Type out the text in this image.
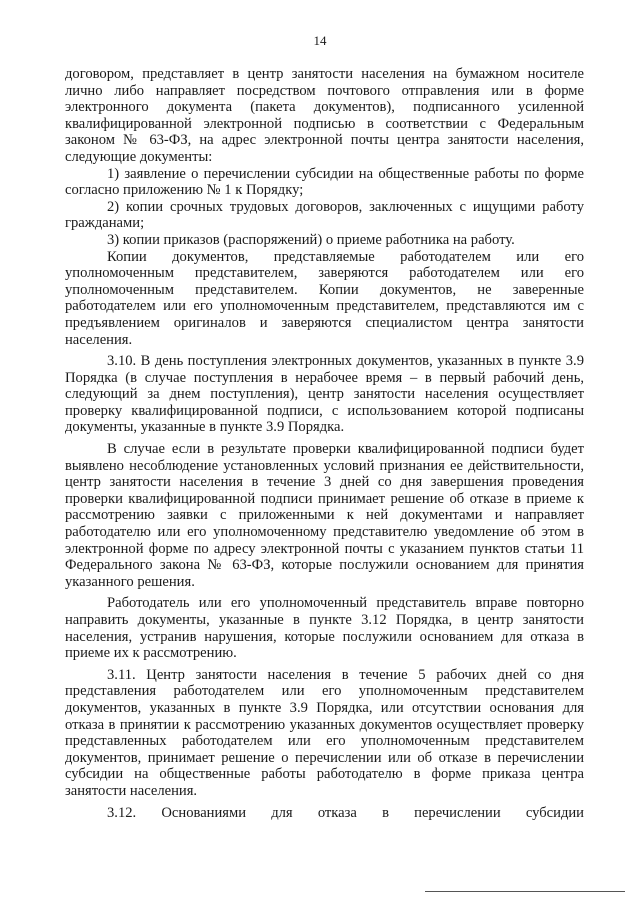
14

договором, представляет в центр занятости населения на бумажном носителе лично либо направляет посредством почтового отправления или в форме электронного документа (пакета документов), подписанного усиленной квалифицированной электронной подписью в соответствии с Федеральным законом № 63-ФЗ, на адрес электронной почты центра занятости населения, следующие документы:

1) заявление о перечислении субсидии на общественные работы по форме согласно приложению № 1 к Порядку;

2) копии срочных трудовых договоров, заключенных с ищущими работу гражданами;

3) копии приказов (распоряжений) о приеме работника на работу.

Копии документов, представляемые работодателем или его уполномоченным представителем, заверяются работодателем или его уполномоченным представителем. Копии документов, не заверенные работодателем или его уполномоченным представителем, представляются им с предъявлением оригиналов и заверяются специалистом центра занятости населения.

3.10. В день поступления электронных документов, указанных в пункте 3.9 Порядка (в случае поступления в нерабочее время – в первый рабочий день, следующий за днем поступления), центр занятости населения осуществляет проверку квалифицированной подписи, с использованием которой подписаны документы, указанные в пункте 3.9 Порядка.

В случае если в результате проверки квалифицированной подписи будет выявлено несоблюдение установленных условий признания ее действительности, центр занятости населения в течение 3 дней со дня завершения проведения проверки квалифицированной подписи принимает решение об отказе в приеме к рассмотрению заявки с приложенными к ней документами и направляет работодателю или его уполномоченному представителю уведомление об этом в электронной форме по адресу электронной почты с указанием пунктов статьи 11 Федерального закона № 63-ФЗ, которые послужили основанием для принятия указанного решения.

Работодатель или его уполномоченный представитель вправе повторно направить документы, указанные в пункте 3.12 Порядка, в центр занятости населения, устранив нарушения, которые послужили основанием для отказа в приеме их к рассмотрению.

3.11. Центр занятости населения в течение 5 рабочих дней со дня представления работодателем или его уполномоченным представителем документов, указанных в пункте 3.9 Порядка, или отсутствии основания для отказа в принятии к рассмотрению указанных документов осуществляет проверку представленных работодателем или его уполномоченным представителем документов, принимает решение о перечислении или об отказе в перечислении субсидии на общественные работы работодателю в форме приказа центра занятости населения.

3.12. Основаниями для отказа в перечислении субсидии
